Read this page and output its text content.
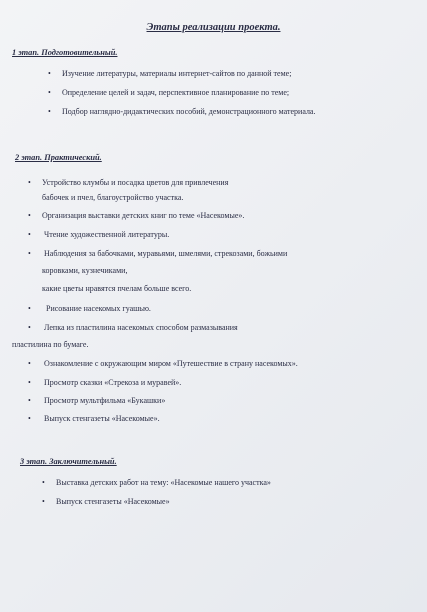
Этапы реализации проекта.
1 этап. Подготовительный.
• Изучение литературы, материалы интернет-сайтов по данной теме;
• Определение целей и задач, перспективное планирование по теме;
• Подбор наглядно-дидактических пособий, демонстрационного материала.
2 этап. Практический.
• Устройство клумбы и посадка цветов для привлечения
бабочек и пчел, благоустройство участка.
• Организация выставки детских книг по теме «Насекомые».
• Чтение художественной литературы.
• Наблюдения за бабочками, муравьями, шмелями, стрекозами, божьими
коровками, кузнечиками,
какие цветы нравятся пчелам больше всего.
• Рисование насекомых гуашью.
• Лепка из пластилина насекомых способом размазывания
пластилина по бумаге.
• Ознакомление с окружающим миром «Путешествие в страну насекомых».
• Просмотр сказки «Стрекоза и муравей».
• Просмотр мультфильма «Букашки»
• Выпуск стенгазеты «Насекомые».
3 этап. Заключительный.
• Выставка детских работ на тему: «Насекомые нашего участка»
• Выпуск стенгазеты «Насекомые»
